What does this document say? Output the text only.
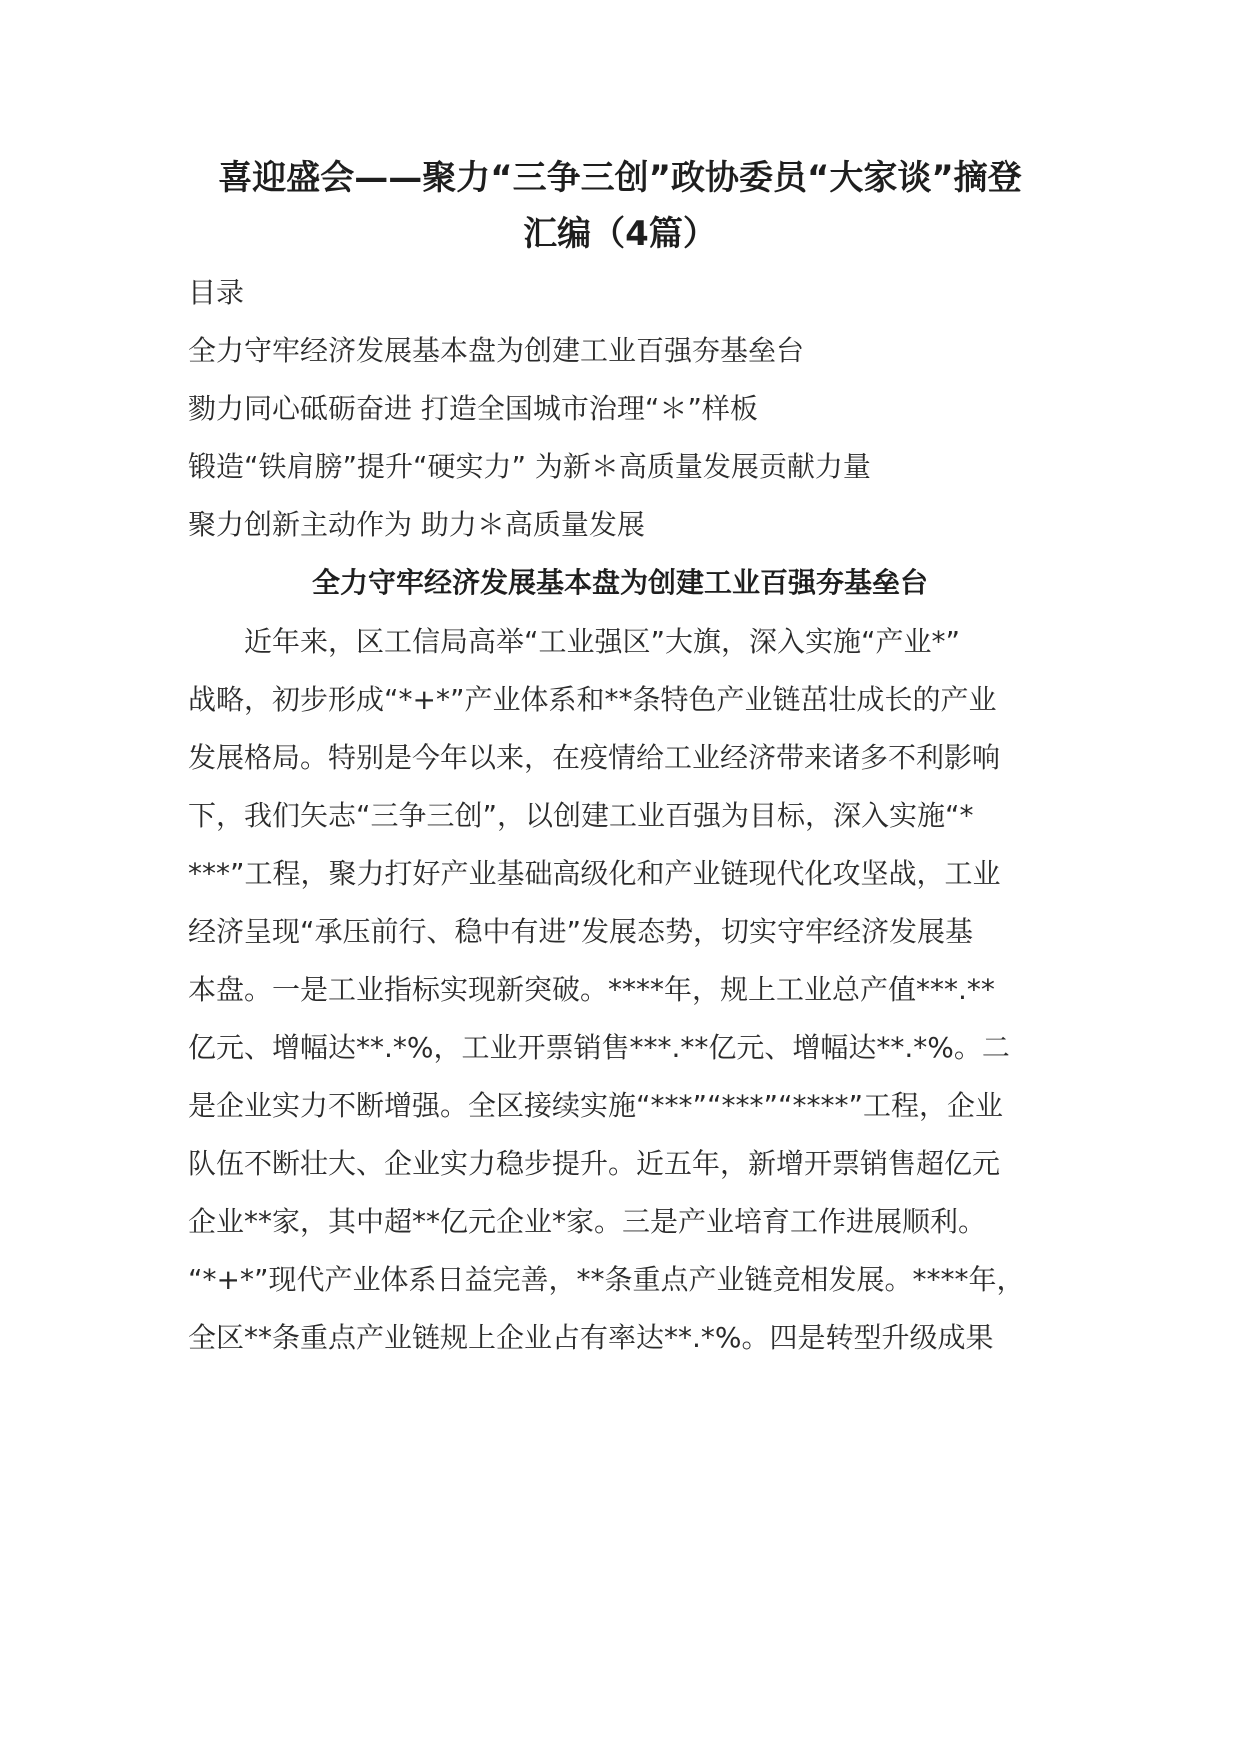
喜迎盛会——聚力“三争三创”政协委员“大家谈”摘登
汇编（4篇）
目录
全力守牢经济发展基本盘为创建工业百强夯基垒台
勠力同心砥砺奋进 打造全国城市治理“＊”样板
锻造“铁肩膀”提升“硬实力” 为新＊高质量发展贡献力量
聚力创新主动作为 助力＊高质量发展
全力守牢经济发展基本盘为创建工业百强夯基垒台
　　近年来，区工信局高举“工业强区”大旗，深入实施“产业*”
战略，初步形成“*+*”产业体系和**条特色产业链茁壮成长的产业
发展格局。特别是今年以来，在疫情给工业经济带来诸多不利影响
下，我们矢志“三争三创”，以创建工业百强为目标，深入实施“*
***”工程，聚力打好产业基础高级化和产业链现代化攻坚战，工业
经济呈现“承压前行、稳中有进”发展态势，切实守牢经济发展基
本盘。一是工业指标实现新突破。****年，规上工业总产值***.**
亿元、增幅达**.*%，工业开票销售***.**亿元、增幅达**.*%。二
是企业实力不断增强。全区接续实施“***”“***”“****”工程，企业
队伍不断壮大、企业实力稳步提升。近五年，新增开票销售超亿元
企业**家，其中超**亿元企业*家。三是产业培育工作进展顺利。
“*+*”现代产业体系日益完善，**条重点产业链竞相发展。****年，
全区**条重点产业链规上企业占有率达**.*%。四是转型升级成果
